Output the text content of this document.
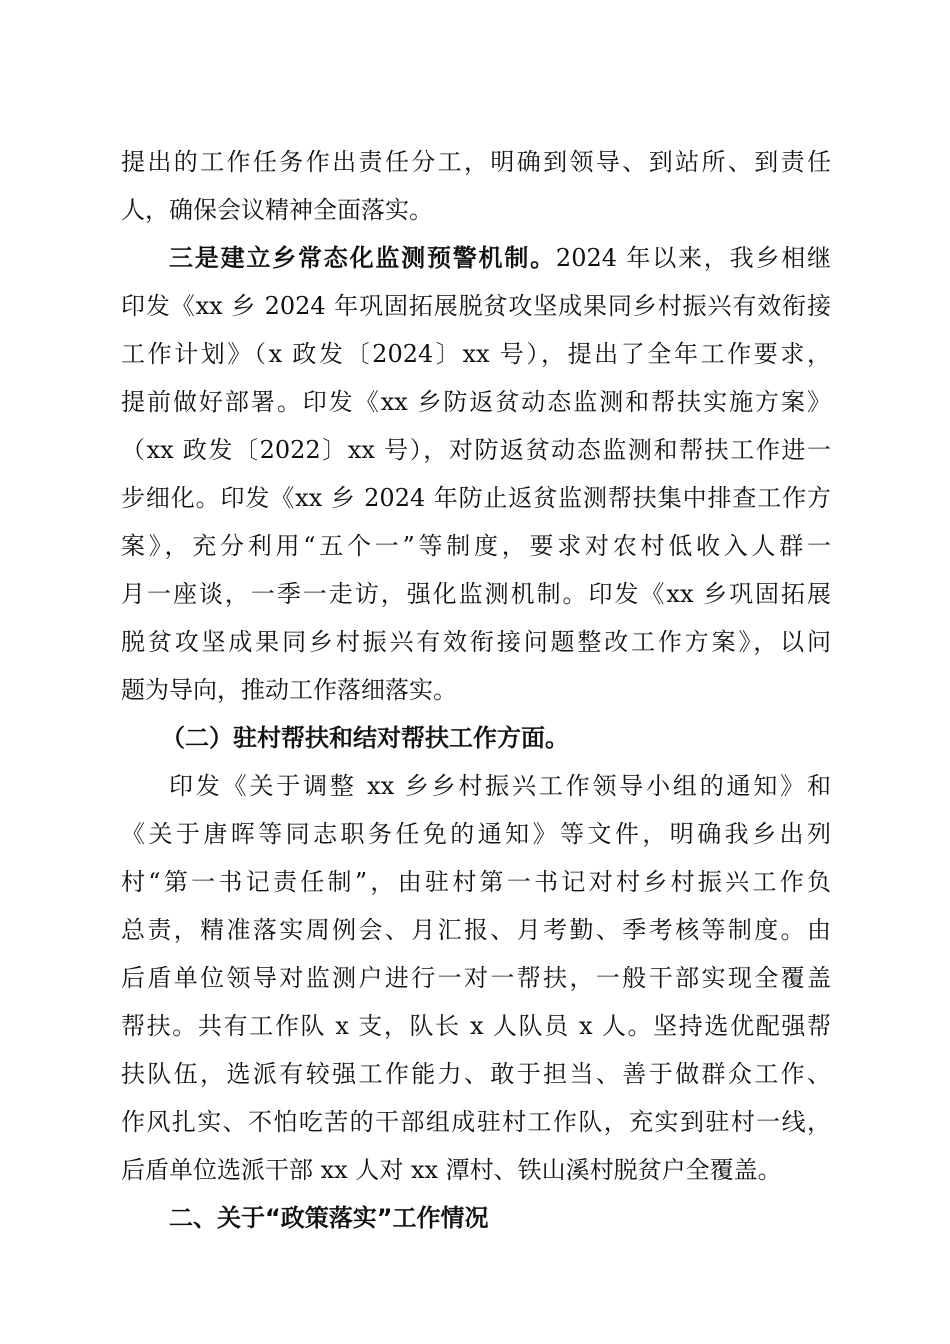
提出的工作任务作出责任分工，明确到领导、到站所、到责任
人，确保会议精神全面落实。
三是建立乡常态化监测预警机制。2024 年以来，我乡相继
印发《xx 乡 2024 年巩固拓展脱贫攻坚成果同乡村振兴有效衔接
工作计划》（x 政发〔2024〕xx 号），提出了全年工作要求，
提前做好部署。印发《xx 乡防返贫动态监测和帮扶实施方案》
（xx 政发〔2022〕xx 号），对防返贫动态监测和帮扶工作进一
步细化。印发《xx 乡 2024 年防止返贫监测帮扶集中排查工作方
案》，充分利用“五个一”等制度，要求对农村低收入人群一
月一座谈，一季一走访，强化监测机制。印发《xx 乡巩固拓展
脱贫攻坚成果同乡村振兴有效衔接问题整改工作方案》，以问
题为导向，推动工作落细落实。
（二）驻村帮扶和结对帮扶工作方面。
印发《关于调整 xx 乡乡村振兴工作领导小组的通知》和
《关于唐晖等同志职务任免的通知》等文件，明确我乡出列
村“第一书记责任制”，由驻村第一书记对村乡村振兴工作负
总责，精准落实周例会、月汇报、月考勤、季考核等制度。由
后盾单位领导对监测户进行一对一帮扶，一般干部实现全覆盖
帮扶。共有工作队 x 支，队长 x 人队员 x 人。坚持选优配强帮
扶队伍，选派有较强工作能力、敢于担当、善于做群众工作、
作风扎实、不怕吃苦的干部组成驻村工作队，充实到驻村一线，
后盾单位选派干部 xx 人对 xx 潭村、铁山溪村脱贫户全覆盖。
二、关于“政策落实”工作情况
